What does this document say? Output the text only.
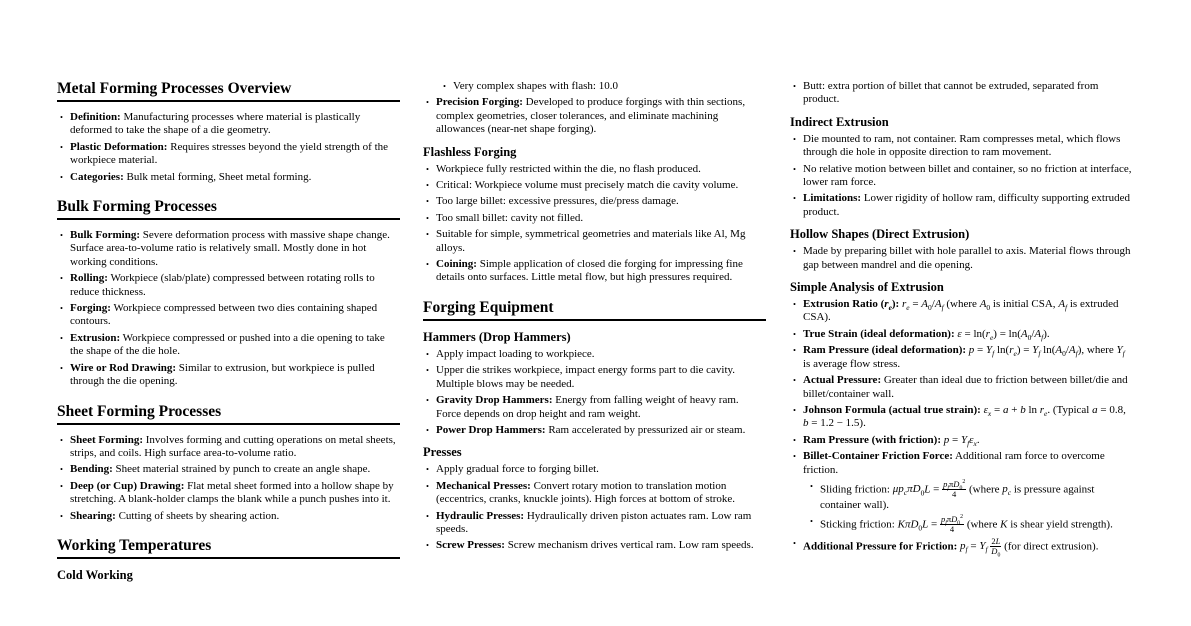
Metal Forming Processes Overview
• Definition: Manufacturing processes where material is plastically deformed to take the shape of a die geometry.
• Plastic Deformation: Requires stresses beyond the yield strength of the workpiece material.
• Categories: Bulk metal forming, Sheet metal forming.
Bulk Forming Processes
• Bulk Forming: Severe deformation process with massive shape change. Surface area-to-volume ratio is relatively small. Mostly done in hot working conditions.
• Rolling: Workpiece (slab/plate) compressed between rotating rolls to reduce thickness.
• Forging: Workpiece compressed between two dies containing shaped contours.
• Extrusion: Workpiece compressed or pushed into a die opening to take the shape of the die hole.
• Wire or Rod Drawing: Similar to extrusion, but workpiece is pulled through the die opening.
Sheet Forming Processes
• Sheet Forming: Involves forming and cutting operations on metal sheets, strips, and coils. High surface area-to-volume ratio.
• Bending: Sheet material strained by punch to create an angle shape.
• Deep (or Cup) Drawing: Flat metal sheet formed into a hollow shape by stretching. A blank-holder clamps the blank while a punch pushes into it.
• Shearing: Cutting of sheets by shearing action.
Working Temperatures
Cold Working
• Very complex shapes with flash: 10.0
• Precision Forging: Developed to produce forgings with thin sections, complex geometries, closer tolerances, and eliminate machining allowances (near-net shape forging).
Flashless Forging
• Workpiece fully restricted within the die, no flash produced.
• Critical: Workpiece volume must precisely match die cavity volume.
• Too large billet: excessive pressures, die/press damage.
• Too small billet: cavity not filled.
• Suitable for simple, symmetrical geometries and materials like Al, Mg alloys.
• Coining: Simple application of closed die forging for impressing fine details onto surfaces. Little metal flow, but high pressures required.
Forging Equipment
Hammers (Drop Hammers)
• Apply impact loading to workpiece.
• Upper die strikes workpiece, impact energy forms part to die cavity. Multiple blows may be needed.
• Gravity Drop Hammers: Energy from falling weight of heavy ram. Force depends on drop height and ram weight.
• Power Drop Hammers: Ram accelerated by pressurized air or steam.
Presses
• Apply gradual force to forging billet.
• Mechanical Presses: Convert rotary motion to translation motion (eccentrics, cranks, knuckle joints). High forces at bottom of stroke.
• Hydraulic Presses: Hydraulically driven piston actuates ram. Low ram speeds.
• Screw Presses: Screw mechanism drives vertical ram. Low ram speeds.
• Butt: extra portion of billet that cannot be extruded, separated from product.
Indirect Extrusion
• Die mounted to ram, not container. Ram compresses metal, which flows through die hole in opposite direction to ram movement.
• No relative motion between billet and container, so no friction at interface, lower ram force.
• Limitations: Lower rigidity of hollow ram, difficulty supporting extruded product.
Hollow Shapes (Direct Extrusion)
• Made by preparing billet with hole parallel to axis. Material flows through gap between mandrel and die opening.
Simple Analysis of Extrusion
• Extrusion Ratio $(r_e)$: $r_e = A_0/A_f$ (where $A_0$ is initial CSA, $A_f$ is extruded CSA).
• True Strain (ideal deformation): $\varepsilon = \ln(r_e) = \ln(A_0/A_f)$.
• Ram Pressure (ideal deformation): $p = Y_f$ $\ln(r_e) = Y_f$ $\ln(A_0/A_f)$, where $Y_f$ is average flow stress.
• Actual Pressure: Greater than ideal due to friction between billet/die and billet/container wall.
• Johnson Formula (actual true strain): $\varepsilon_x = a + b$ $\ln r_e$. (Typical a = 0.8, b = 1.2 − 1.5).
• Ram Pressure (with friction): $p = Y_f\varepsilon_x$.
• Billet-Container Friction Force: Additional ram force to overcome friction.
• Sliding friction: $\mu p_c\pi D_0L = \frac{p_f\pi D_0^2}{4}$ (where $p_c$ is pressure against container wall).
• Sticking friction: $K\pi D_0L = \frac{p_f\pi D_0^2}{4}$ (where K is shear yield strength).
• Additional Pressure for Friction: $p_f = Y_f \frac{2L}{D_0} (for$ direct extrusion).
